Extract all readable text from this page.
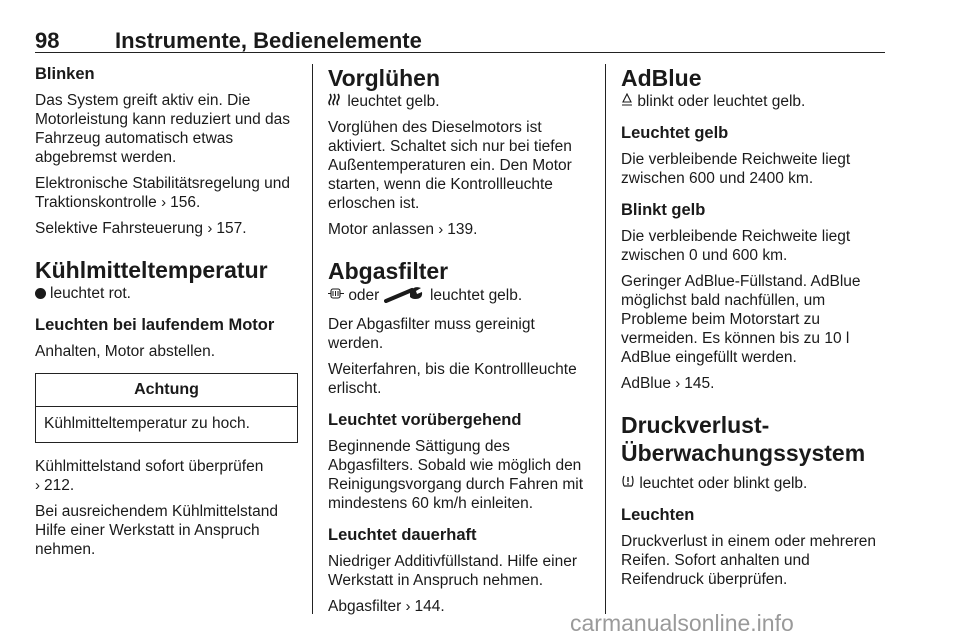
98	Instrumente, Bedienelemente
Blinken

Das System greift aktiv ein. Die Motorleistung kann reduziert und das Fahrzeug automatisch etwas abgebremst werden.

Elektronische Stabilitätsregelung und Traktionskontrolle › 156.

Selektive Fahrsteuerung › 157.

Kühlmitteltemperatur

leuchtet rot.

Leuchten bei laufendem Motor

Anhalten, Motor abstellen.

Achtung
Kühlmitteltemperatur zu hoch.

Kühlmittelstand sofort überprüfen
› 212.

Bei ausreichendem Kühlmittelstand Hilfe einer Werkstatt in Anspruch nehmen.

Vorglühen

leuchtet gelb.

Vorglühen des Dieselmotors ist aktiviert. Schaltet sich nur bei tiefen Außentemperaturen ein. Den Motor starten, wenn die Kontrollleuchte erloschen ist.

Motor anlassen › 139.

Abgasfilter

oder	leuchtet gelb.

Der Abgasfilter muss gereinigt werden.

Weiterfahren, bis die Kontrollleuchte erlischt.

Leuchtet vorübergehend

Beginnende Sättigung des Abgasfilters. Sobald wie möglich den Reinigungsvorgang durch Fahren mit mindestens 60 km/h einleiten.

Leuchtet dauerhaft

Niedriger Additivfüllstand. Hilfe einer Werkstatt in Anspruch nehmen.

Abgasfilter › 144.

AdBlue

blinkt oder leuchtet gelb.

Leuchtet gelb

Die verbleibende Reichweite liegt zwischen 600 und 2400 km.

Blinkt gelb

Die verbleibende Reichweite liegt zwischen 0 und 600 km.

Geringer AdBlue-Füllstand. AdBlue möglichst bald nachfüllen, um Probleme beim Motorstart zu vermeiden. Es können bis zu 10 l AdBlue eingefüllt werden.

AdBlue › 145.

Druckverlust-
Überwachungssystem

leuchtet oder blinkt gelb.

Leuchten

Druckverlust in einem oder mehreren Reifen. Sofort anhalten und Reifendruck überprüfen.

carmanualsonline.info
